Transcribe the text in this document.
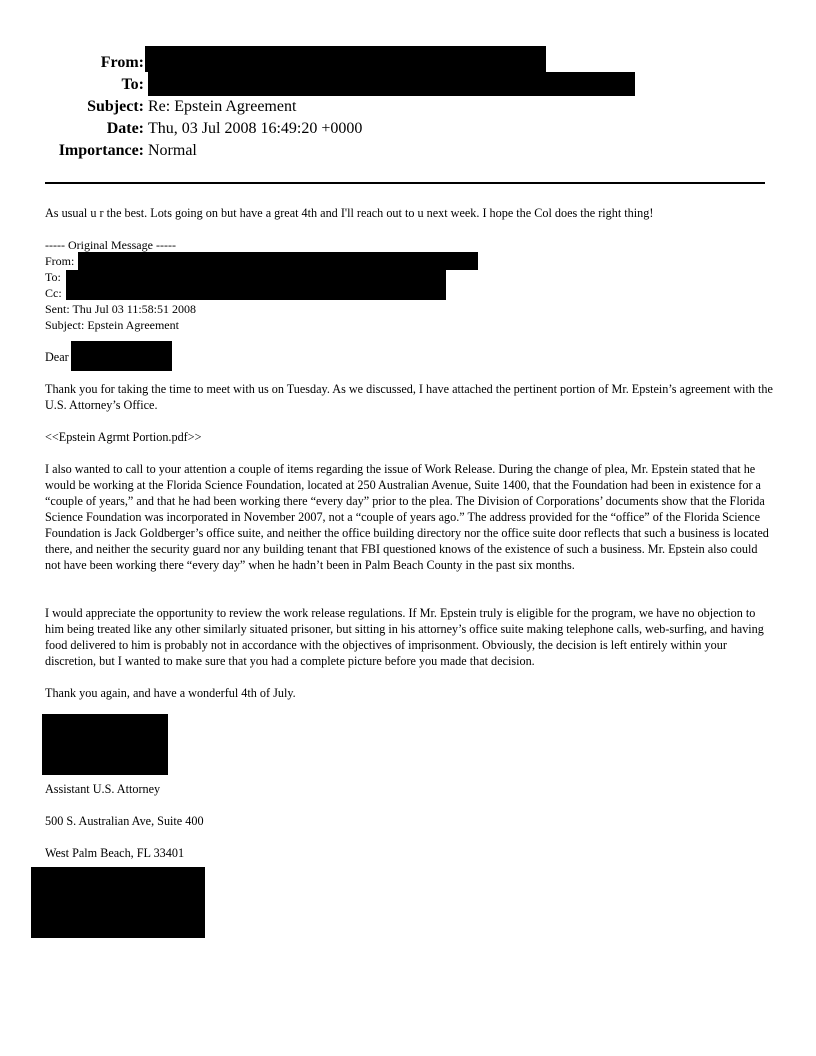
From:
To:
Subject: Re: Epstein Agreement
Date: Thu, 03 Jul 2008 16:49:20 +0000
Importance: Normal
As usual u r the best. Lots going on but have a great 4th and I'll reach out to u next week. I hope the Col does the right thing!
----- Original Message -----
From:
To:
Cc:
Sent: Thu Jul 03 11:58:51 2008
Subject: Epstein Agreement
Dear
Thank you for taking the time to meet with us on Tuesday. As we discussed, I have attached the pertinent portion of Mr. Epstein’s agreement with the U.S. Attorney’s Office.
<<Epstein Agrmt Portion.pdf>>
I also wanted to call to your attention a couple of items regarding the issue of Work Release. During the change of plea, Mr. Epstein stated that he would be working at the Florida Science Foundation, located at 250 Australian Avenue, Suite 1400, that the Foundation had been in existence for a “couple of years,” and that he had been working there “every day” prior to the plea. The Division of Corporations’ documents show that the Florida Science Foundation was incorporated in November 2007, not a “couple of years ago.” The address provided for the “office” of the Florida Science Foundation is Jack Goldberger’s office suite, and neither the office building directory nor the office suite door reflects that such a business is located there, and neither the security guard nor any building tenant that FBI questioned knows of the existence of such a business. Mr. Epstein also could not have been working there “every day” when he hadn’t been in Palm Beach County in the past six months.
I would appreciate the opportunity to review the work release regulations. If Mr. Epstein truly is eligible for the program, we have no objection to him being treated like any other similarly situated prisoner, but sitting in his attorney’s office suite making telephone calls, web-surfing, and having food delivered to him is probably not in accordance with the objectives of imprisonment. Obviously, the decision is left entirely within your discretion, but I wanted to make sure that you had a complete picture before you made that decision.
Thank you again, and have a wonderful 4th of July.
Assistant U.S. Attorney
500 S. Australian Ave, Suite 400
West Palm Beach, FL 33401
